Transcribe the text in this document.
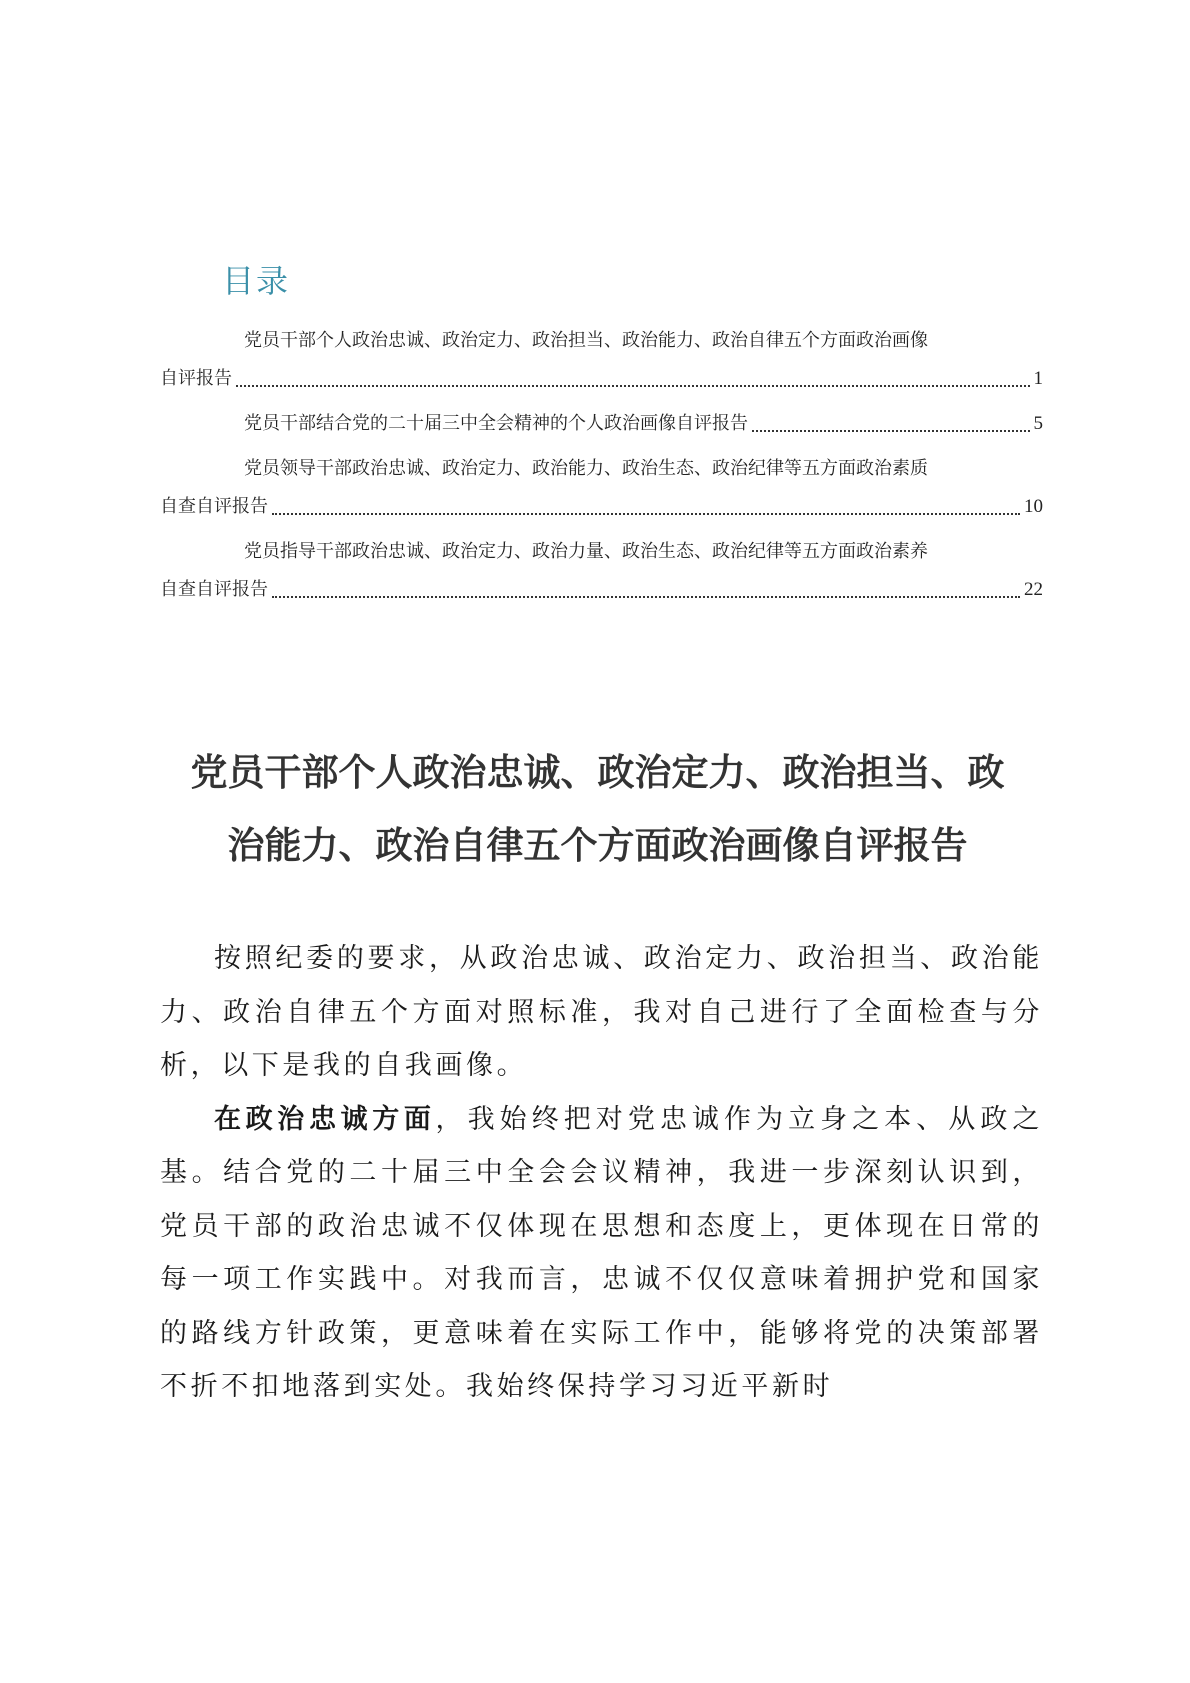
目录
党员干部个人政治忠诚、政治定力、政治担当、政治能力、政治自律五个方面政治画像
自评报告	1
党员干部结合党的二十届三中全会精神的个人政治画像自评报告	5
党员领导干部政治忠诚、政治定力、政治能力、政治生态、政治纪律等五方面政治素质
自查自评报告	10
党员指导干部政治忠诚、政治定力、政治力量、政治生态、政治纪律等五方面政治素养
自查自评报告	22
党员干部个人政治忠诚、政治定力、政治担当、政
治能力、政治自律五个方面政治画像自评报告

按照纪委的要求，从政治忠诚、政治定力、政治担当、政治能力、政治自律五个方面对照标准，我对自己进行了全面检查与分析，以下是我的自我画像。

在政治忠诚方面，我始终把对党忠诚作为立身之本、从政之基。结合党的二十届三中全会会议精神，我进一步深刻认识到，党员干部的政治忠诚不仅体现在思想和态度上，更体现在日常的每一项工作实践中。对我而言，忠诚不仅仅意味着拥护党和国家的路线方针政策，更意味着在实际工作中，能够将党的决策部署不折不扣地落到实处。我始终保持学习习近平新时
